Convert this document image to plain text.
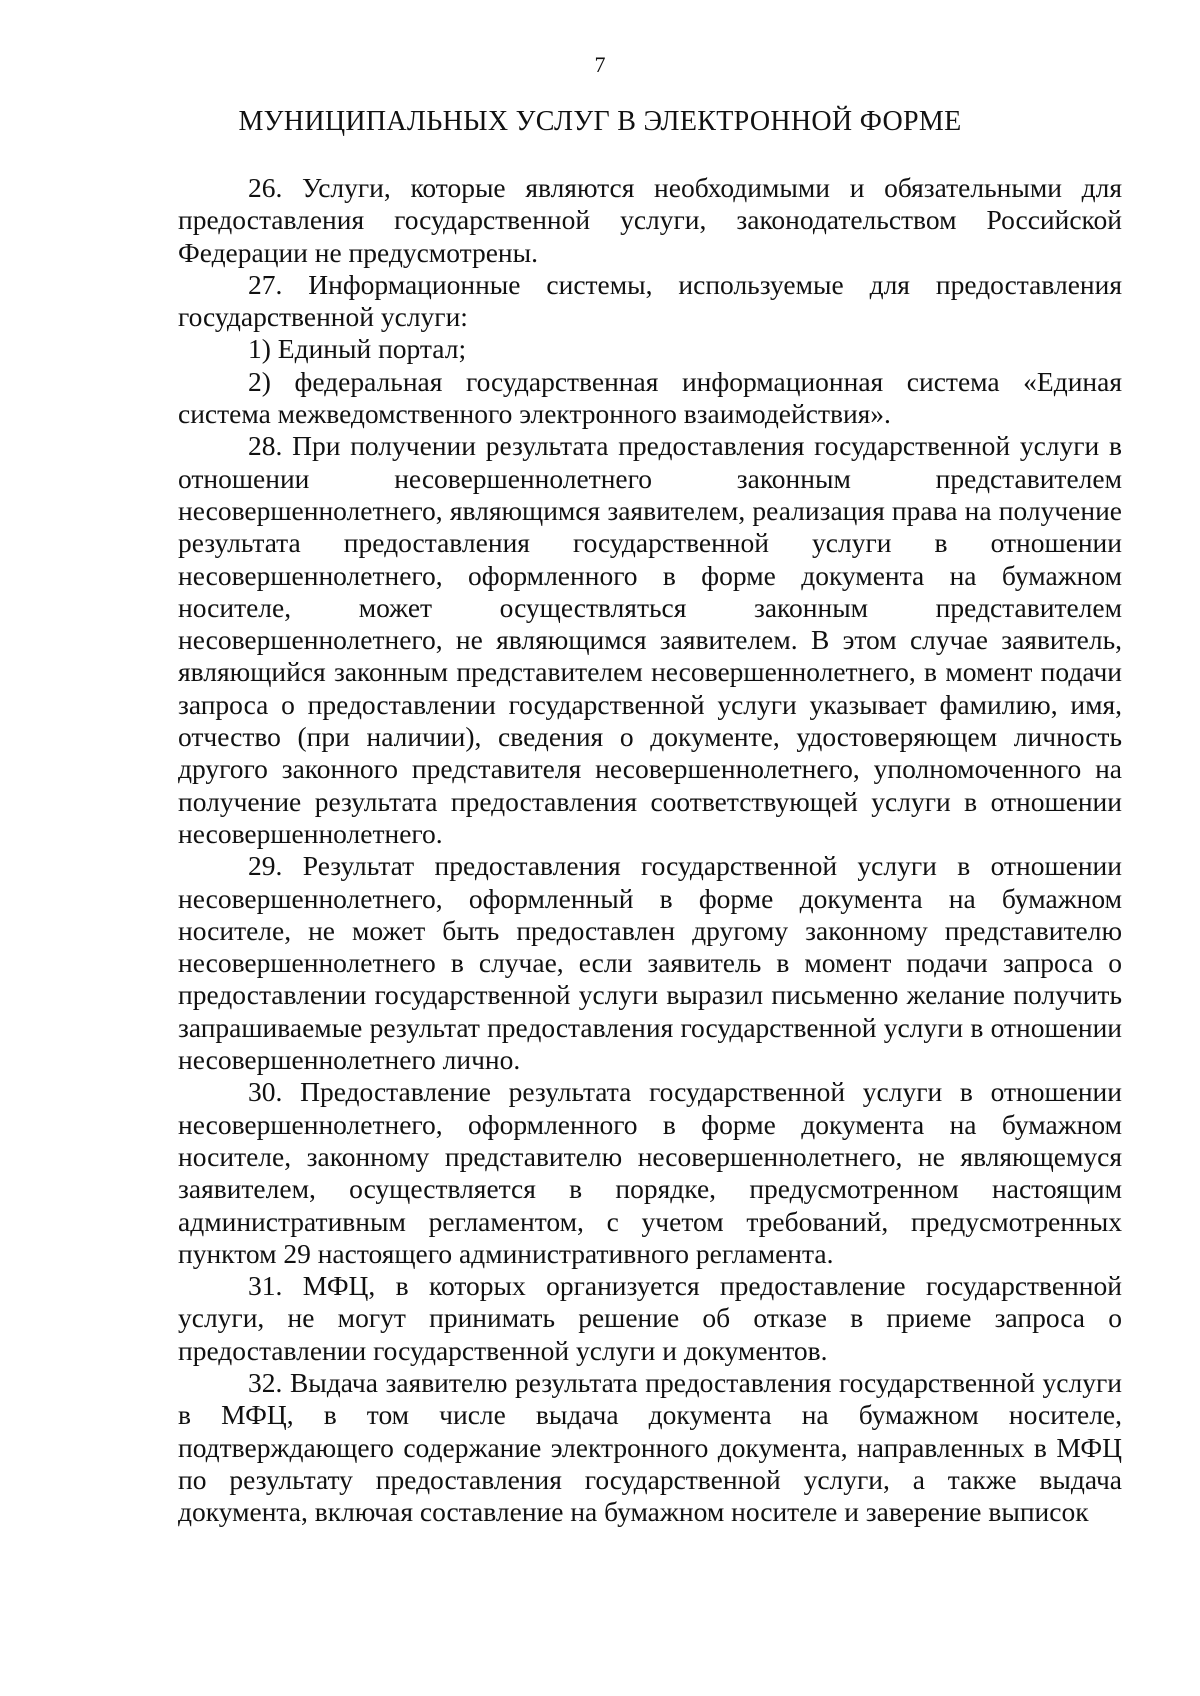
7
МУНИЦИПАЛЬНЫХ УСЛУГ В ЭЛЕКТРОННОЙ ФОРМЕ

26. Услуги, которые являются необходимыми и обязательными для предоставления государственной услуги, законодательством Российской Федерации не предусмотрены.

27. Информационные системы, используемые для предоставления государственной услуги:

1) Единый портал;

2) федеральная государственная информационная система «Единая система межведомственного электронного взаимодействия».

28. При получении результата предоставления государственной услуги в отношении несовершеннолетнего законным представителем несовершеннолетнего, являющимся заявителем, реализация права на получение результата предоставления государственной услуги в отношении несовершеннолетнего, оформленного в форме документа на бумажном носителе, может осуществляться законным представителем несовершеннолетнего, не являющимся заявителем. В этом случае заявитель, являющийся законным представителем несовершеннолетнего, в момент подачи запроса о предоставлении государственной услуги указывает фамилию, имя, отчество (при наличии), сведения о документе, удостоверяющем личность другого законного представителя несовершеннолетнего, уполномоченного на получение результата предоставления соответствующей услуги в отношении несовершеннолетнего.

29. Результат предоставления государственной услуги в отношении несовершеннолетнего, оформленный в форме документа на бумажном носителе, не может быть предоставлен другому законному представителю несовершеннолетнего в случае, если заявитель в момент подачи запроса о предоставлении государственной услуги выразил письменно желание получить запрашиваемые результат предоставления государственной услуги в отношении несовершеннолетнего лично.

30. Предоставление результата государственной услуги в отношении несовершеннолетнего, оформленного в форме документа на бумажном носителе, законному представителю несовершеннолетнего, не являющемуся заявителем, осуществляется в порядке, предусмотренном настоящим административным регламентом, с учетом требований, предусмотренных пунктом 29 настоящего административного регламента.

31. МФЦ, в которых организуется предоставление государственной услуги, не могут принимать решение об отказе в приеме запроса о предоставлении государственной услуги и документов.

32. Выдача заявителю результата предоставления государственной услуги в МФЦ, в том числе выдача документа на бумажном носителе, подтверждающего содержание электронного документа, направленных в МФЦ по результату предоставления государственной услуги, а также выдача документа, включая составление на бумажном носителе и заверение выписок
